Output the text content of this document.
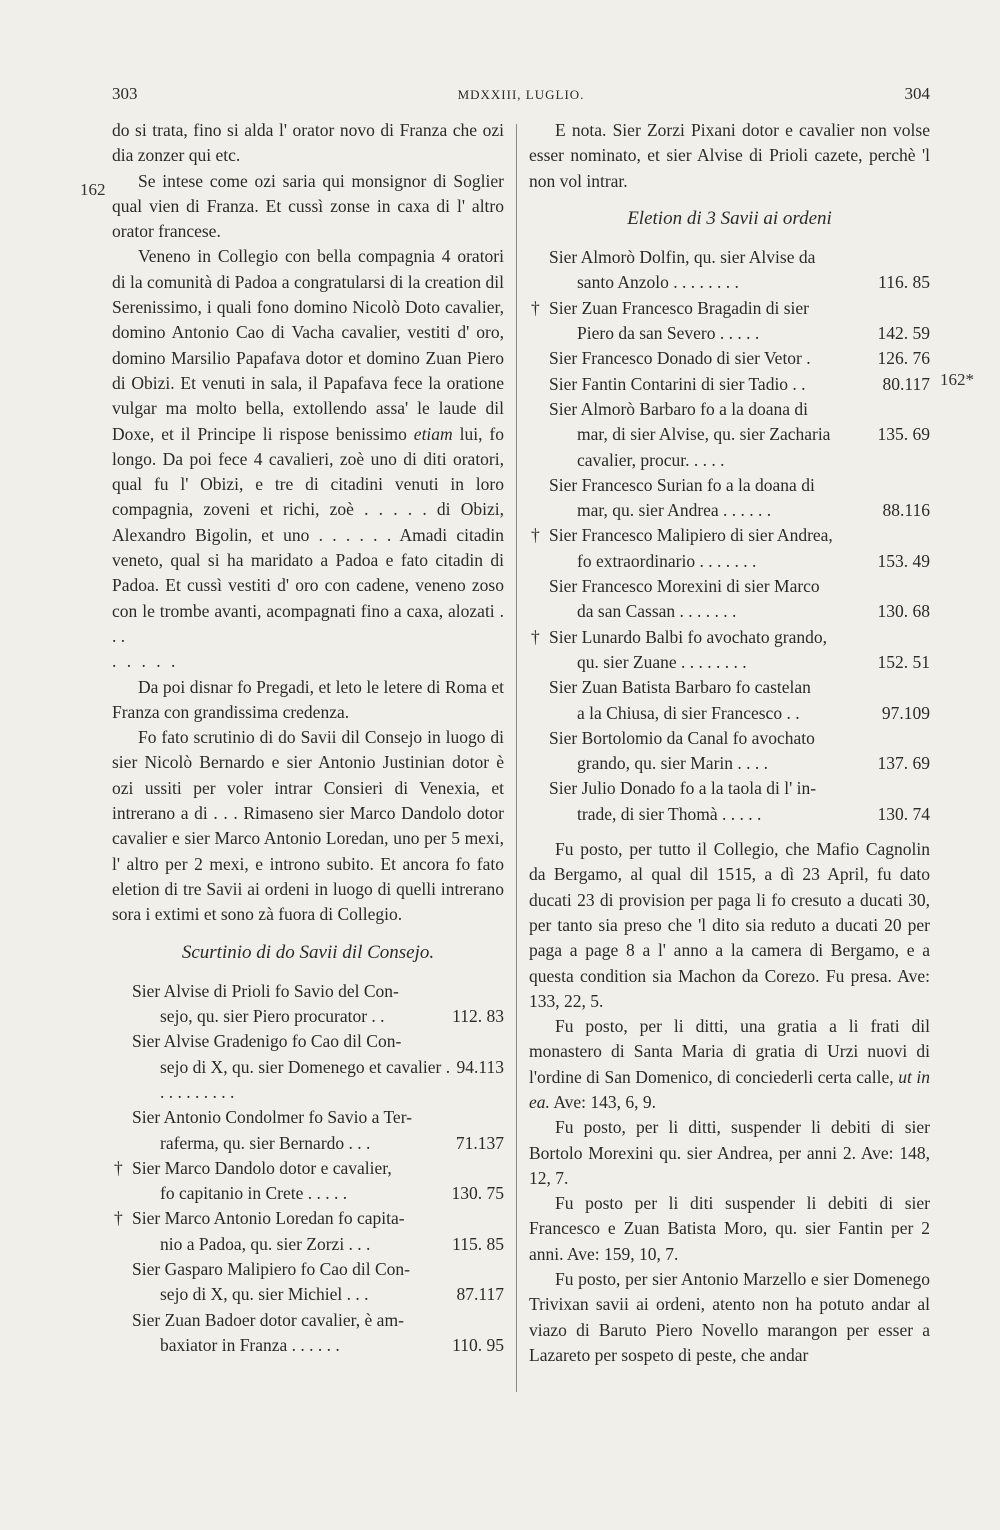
303	MDXXIII, LUGLIO.	304
162
162*

do si trata, fino si alda l' orator novo di Franza che ozi dia zonzer qui etc.

Se intese come ozi saria qui monsignor di Soglier qual vien di Franza. Et cussì zonse in caxa di l' altro orator francese.

Veneno in Collegio con bella compagnia 4 oratori di la comunità di Padoa a congratularsi di la creation dil Serenissimo, i quali fono domino Nicolò Doto cavalier, domino Antonio Cao di Vacha cavalier, vestiti d' oro, domino Marsilio Papafava dotor et domino Zuan Piero di Obizi. Et venuti in sala, il Papafava fece la oratione vulgar ma molto bella, extollendo assa' le laude dil Doxe, et il Principe li rispose benissimo etiam lui, fo longo. Da poi fece 4 cavalieri, zoè uno di diti oratori, qual fu l' Obizi, e tre di citadini venuti in loro compagnia, zoveni et richi, zoè . . . . . di Obizi, Alexandro Bigolin, et uno . . . . . . Amadi citadin veneto, qual si ha maridato a Padoa e fato citadin di Padoa. Et cussì vestiti d' oro con cadene, veneno zoso con le trombe avanti, acompagnati fino a caxa, alozati . . .

. . . . .

Da poi disnar fo Pregadi, et leto le letere di Roma et Franza con grandissima credenza.

Fo fato scrutinio di do Savii dil Consejo in luogo di sier Nicolò Bernardo e sier Antonio Justinian dotor è ozi ussiti per voler intrar Consieri di Venexia, et intrerano a di . . . Rimaseno sier Marco Dandolo dotor cavalier e sier Marco Antonio Loredan, uno per 5 mexi, l' altro per 2 mexi, e introno subito. Et ancora fo fato eletion di tre Savii ai ordeni in luogo di quelli intrerano sora i extimi et sono zà fuora di Collegio.

Scurtinio di do Savii dil Consejo.
Sier Alvise di Prioli fo Savio del Con-
112. 83
sejo, qu. sier Piero procurator . .
Sier Alvise Gradenigo fo Cao dil Con-
94.113
sejo di X, qu. sier Domenego et cavalier . . . . . . . . . .
Sier Antonio Condolmer fo Savio a Ter-
71.137
raferma, qu. sier Bernardo . . .
† Sier Marco Dandolo dotor e cavalier,
130. 75
fo capitanio in Crete . . . . .
† Sier Marco Antonio Loredan fo capita-
115. 85
nio a Padoa, qu. sier Zorzi . . .
Sier Gasparo Malipiero fo Cao dil Con-
87.117
sejo di X, qu. sier Michiel . . .
Sier Zuan Badoer dotor cavalier, è am-
110. 95
baxiator in Franza . . . . . .

E nota. Sier Zorzi Pixani dotor e cavalier non volse esser nominato, et sier Alvise di Prioli cazete, perchè 'l non vol intrar.

Eletion di 3 Savii ai ordeni
Sier Almorò Dolfin, qu. sier Alvise da
116. 85
santo Anzolo . . . . . . . .
† Sier Zuan Francesco Bragadin di sier
142. 59
Piero da san Severo . . . . .
126. 76
Sier Francesco Donado di sier Vetor .
80.117
Sier Fantin Contarini di sier Tadio . .
Sier Almorò Barbaro fo a la doana di
135. 69
mar, di sier Alvise, qu. sier Zacharia cavalier, procur. . . . .
Sier Francesco Surian fo a la doana di
88.116
mar, qu. sier Andrea . . . . . .
† Sier Francesco Malipiero di sier Andrea,
153. 49
fo extraordinario . . . . . . .
Sier Francesco Morexini di sier Marco
130. 68
da san Cassan . . . . . . .
† Sier Lunardo Balbi fo avochato grando,
152. 51
qu. sier Zuane . . . . . . . .
Sier Zuan Batista Barbaro fo castelan
97.109
a la Chiusa, di sier Francesco . .
Sier Bortolomio da Canal fo avochato
137. 69
grando, qu. sier Marin . . . .
Sier Julio Donado fo a la taola di l' in-
130. 74
trade, di sier Thomà . . . . .

Fu posto, per tutto il Collegio, che Mafio Cagnolin da Bergamo, al qual dil 1515, a dì 23 April, fu dato ducati 23 di provision per paga li fo cresuto a ducati 30, per tanto sia preso che 'l dito sia reduto a ducati 20 per paga a page 8 a l' anno a la camera di Bergamo, e a questa condition sia Machon da Corezo. Fu presa. Ave: 133, 22, 5.

Fu posto, per li ditti, una gratia a li frati dil monastero di Santa Maria di gratia di Urzi nuovi di l'ordine di San Domenico, di conciederli certa calle, ut in ea. Ave: 143, 6, 9.

Fu posto, per li ditti, suspender li debiti di sier Bortolo Morexini qu. sier Andrea, per anni 2. Ave: 148, 12, 7.

Fu posto per li diti suspender li debiti di sier Francesco e Zuan Batista Moro, qu. sier Fantin per 2 anni. Ave: 159, 10, 7.

Fu posto, per sier Antonio Marzello e sier Domenego Trivixan savii ai ordeni, atento non ha potuto andar al viazo di Baruto Piero Novello marangon per esser a Lazareto per sospeto di peste, che andar
